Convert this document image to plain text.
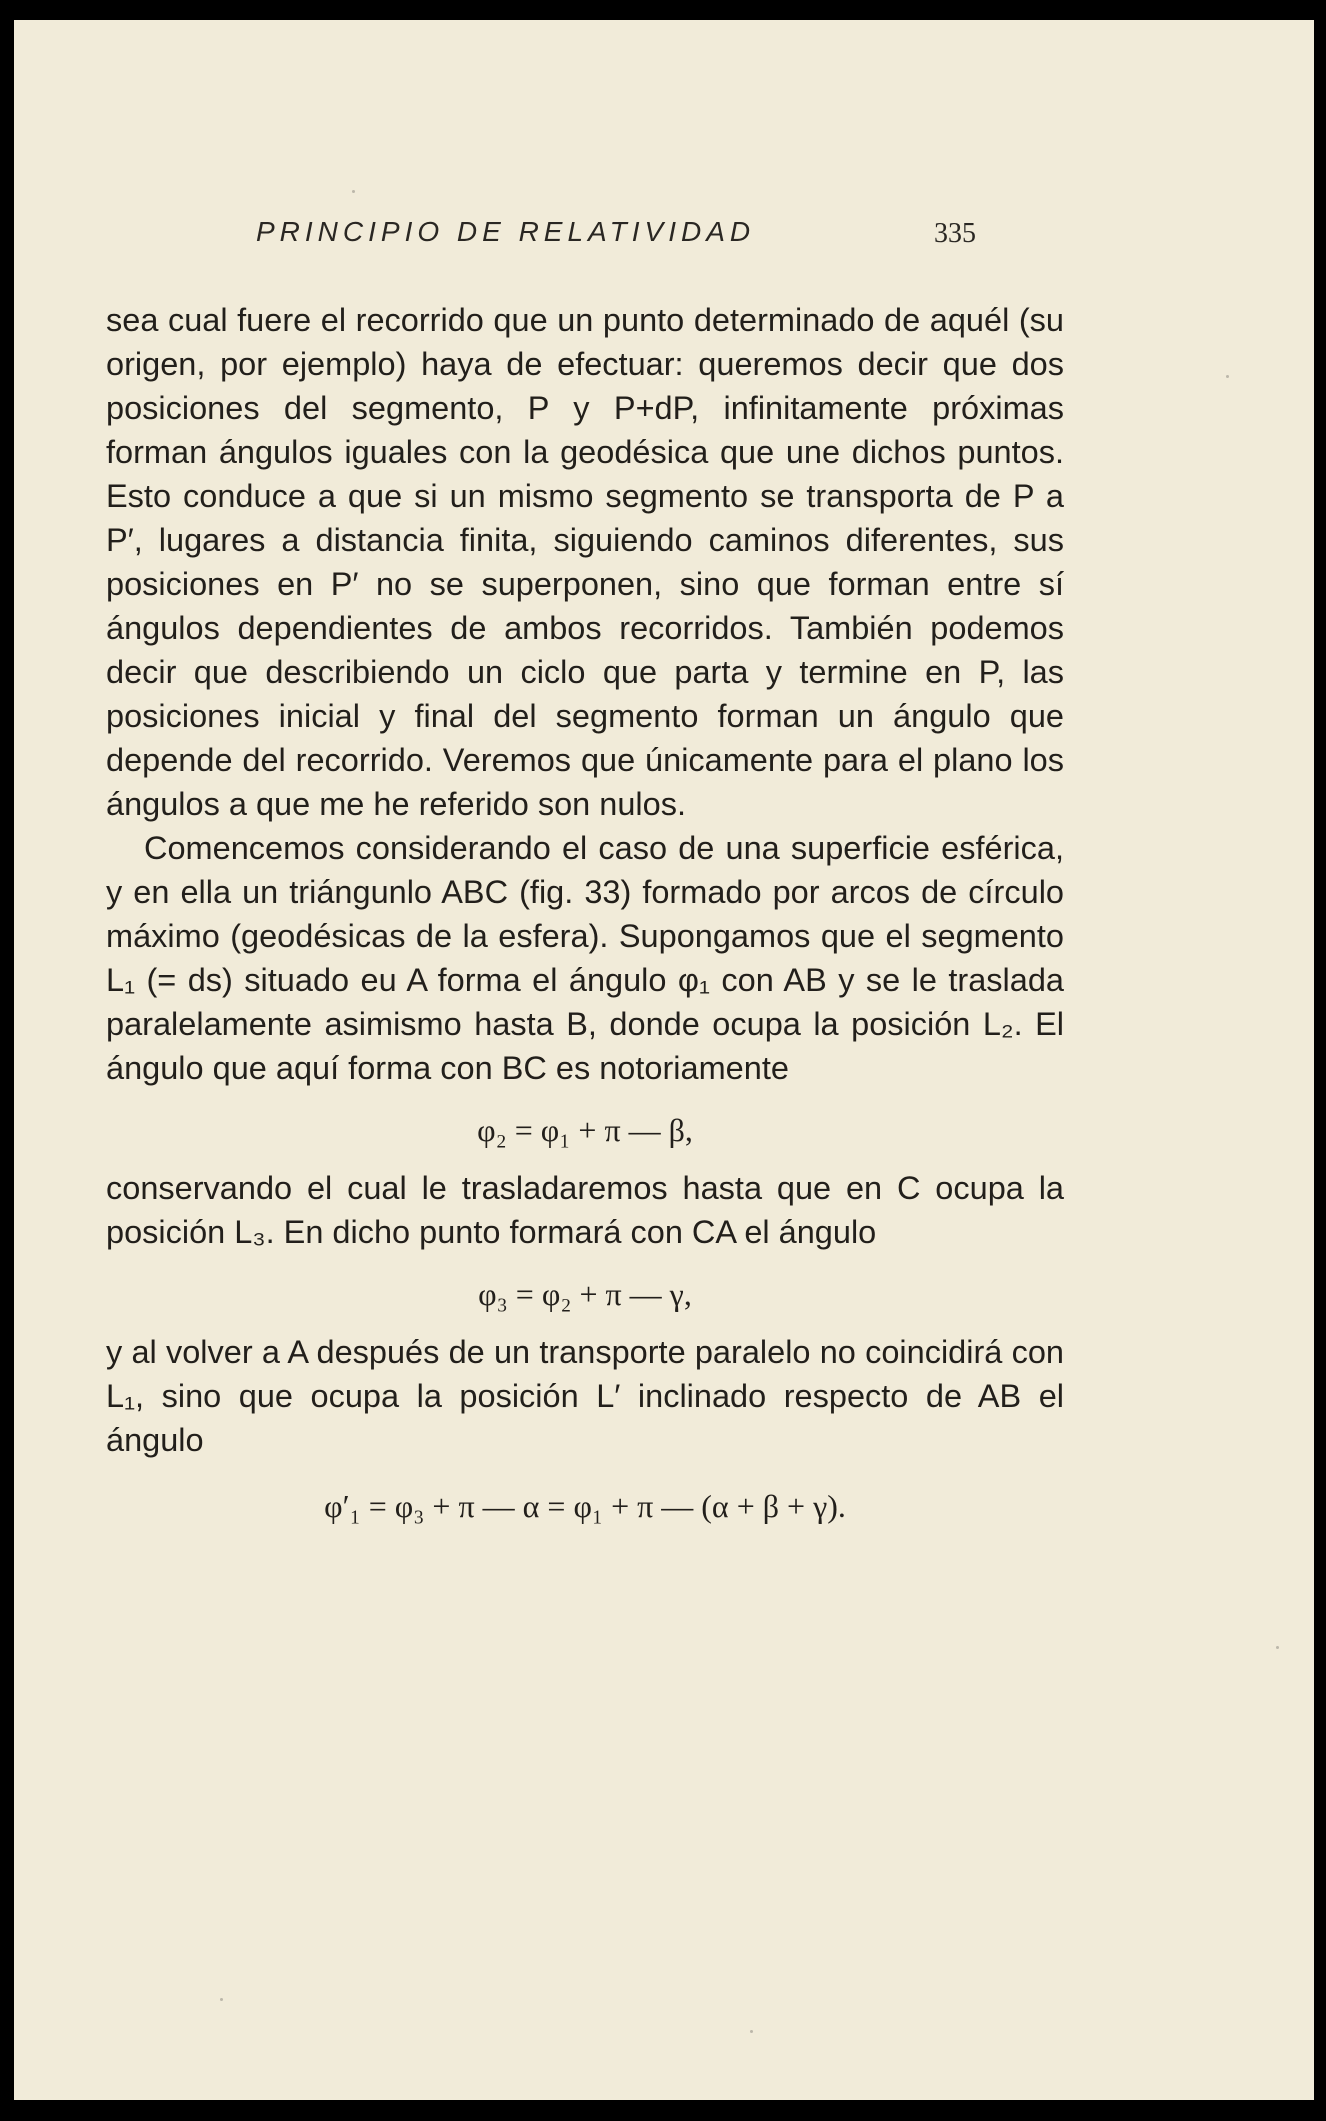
PRINCIPIO DE RELATIVIDAD	335

sea cual fuere el recorrido que un punto determinado de aquél (su origen, por ejemplo) haya de efectuar: queremos decir que dos posiciones del segmento, P y P+dP, infinitamente próximas forman ángulos iguales con la geodésica que une dichos puntos. Esto conduce a que si un mismo segmento se transporta de P a P′, lugares a distancia finita, siguiendo caminos diferentes, sus posiciones en P′ no se superponen, sino que forman entre sí ángulos dependientes de ambos recorridos. También podemos decir que describiendo un ciclo que parta y termine en P, las posiciones inicial y final del segmento forman un ángulo que depende del recorrido. Veremos que únicamente para el plano los ángulos a que me he referido son nulos.

Comencemos considerando el caso de una superficie esférica, y en ella un triángunlo ABC (fig. 33) formado por arcos de círculo máximo (geodésicas de la esfera). Supongamos que el segmento L₁ (= ds) situado eu A forma el ángulo φ₁ con AB y se le traslada paralelamente asimismo hasta B, donde ocupa la posición L₂. El ángulo que aquí forma con BC es notoriamente

φ₂ = φ₁ + π — β,

conservando el cual le trasladaremos hasta que en C ocupa la posición L₃. En dicho punto formará con CA el ángulo

φ₃ = φ₂ + π — γ,

y al volver a A después de un transporte paralelo no coincidirá con L₁, sino que ocupa la posición L′ inclinado respecto de AB el ángulo

φ′₁ = φ₃ + π — α = φ₁ + π — (α + β + γ).
